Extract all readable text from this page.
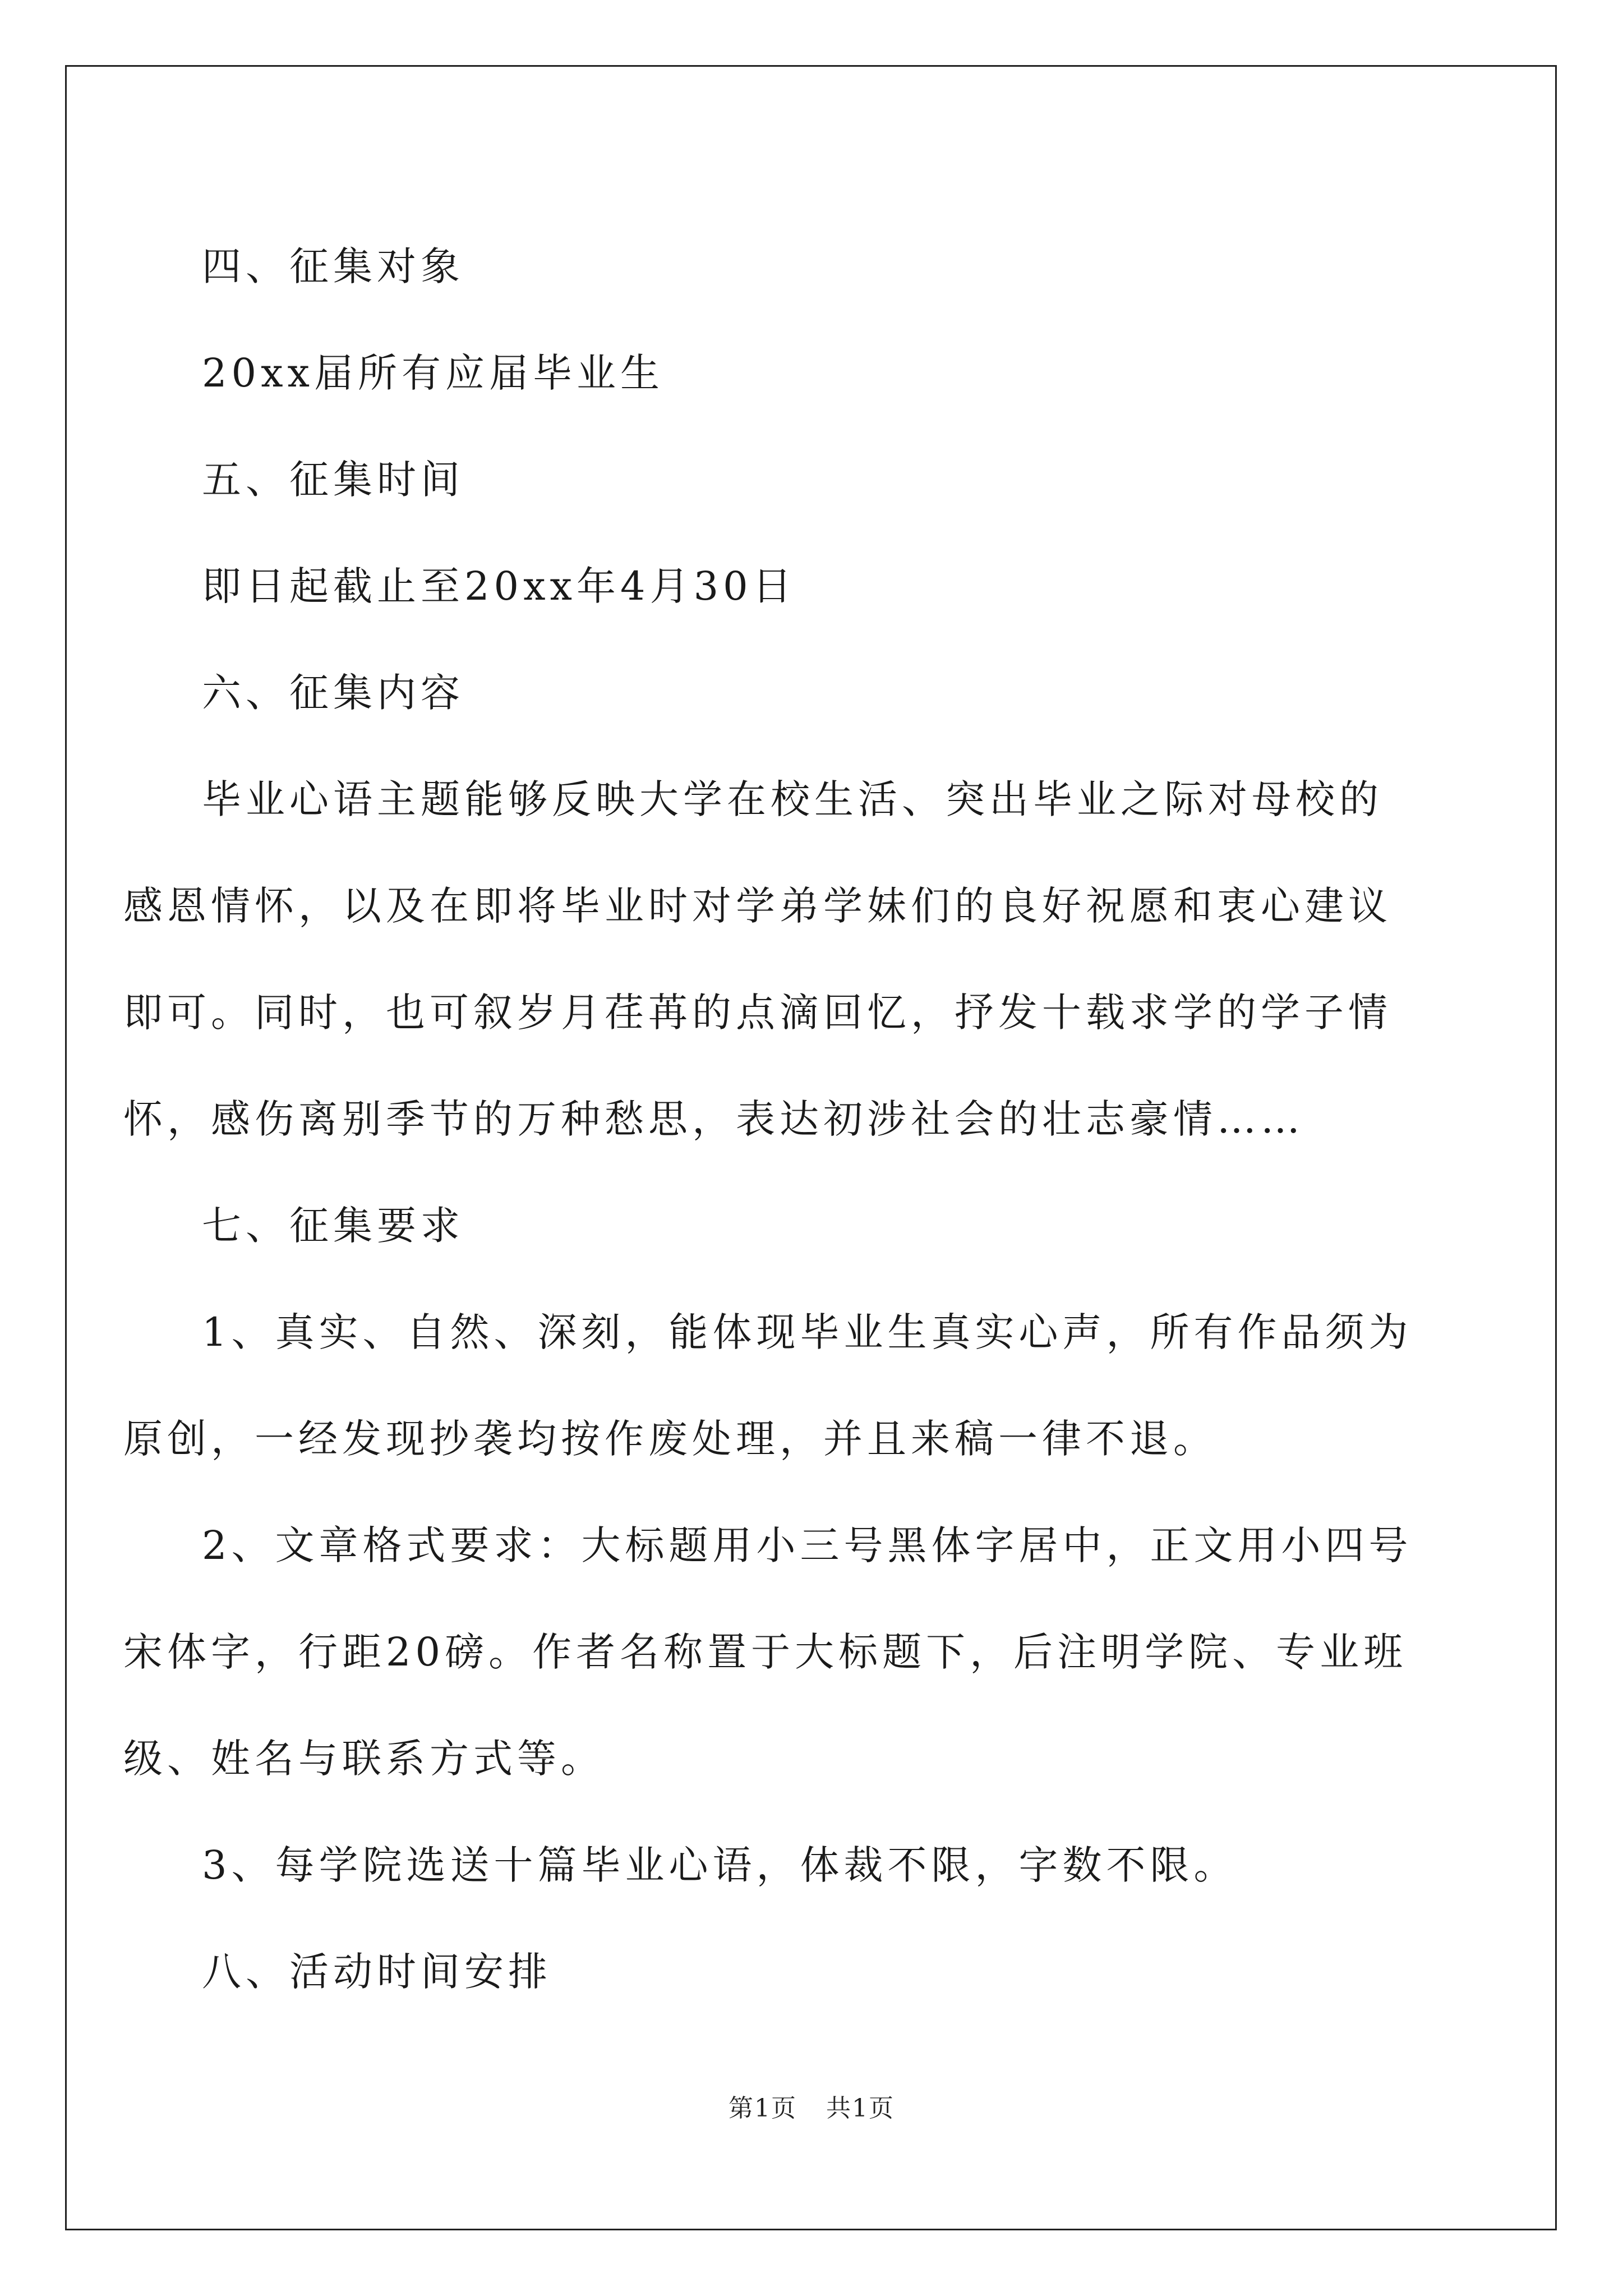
四、征集对象

20xx届所有应届毕业生

五、征集时间

即日起截止至20xx年4月30日

六、征集内容

毕业心语主题能够反映大学在校生活、突出毕业之际对母校的感恩情怀，以及在即将毕业时对学弟学妹们的良好祝愿和衷心建议即可。同时，也可叙岁月荏苒的点滴回忆，抒发十载求学的学子情怀，感伤离别季节的万种愁思，表达初涉社会的壮志豪情……

七、征集要求

1、真实、自然、深刻，能体现毕业生真实心声，所有作品须为原创，一经发现抄袭均按作废处理，并且来稿一律不退。

2、文章格式要求：大标题用小三号黑体字居中，正文用小四号宋体字，行距20磅。作者名称置于大标题下，后注明学院、专业班级、姓名与联系方式等。

3、每学院选送十篇毕业心语，体裁不限，字数不限。

八、活动时间安排

第1页 共1页
